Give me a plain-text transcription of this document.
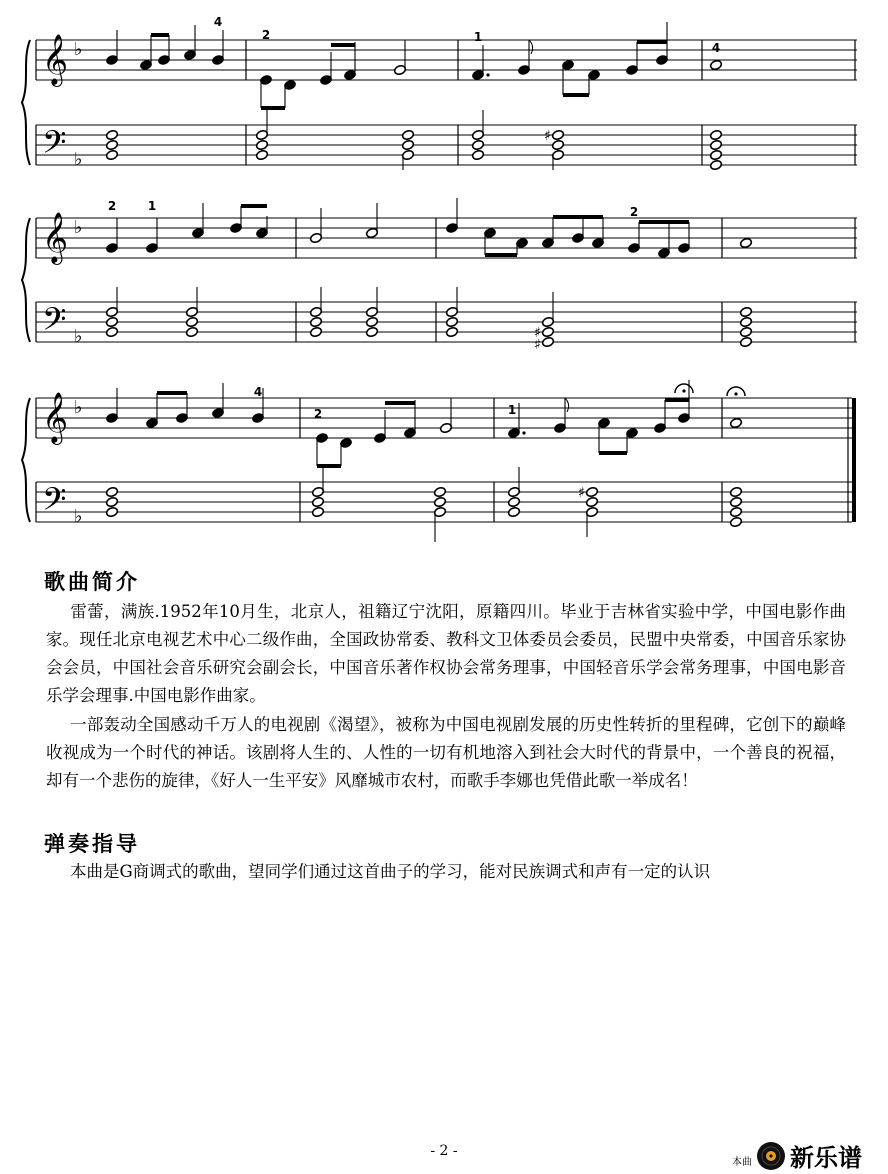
𝄞 ♭
𝄢 ♭
𝄞 ♭
𝄢 ♭
𝄞 ♭
𝄢 ♭
4
2	1
4
♯
2	1	2
♯
♯
4
2	1
♯
歌曲简介
雷蕾，满族.1952年10月生，北京人，祖籍辽宁沈阳，原籍四川。毕业于吉林省实验中学，中国电影作曲家。现任北京电视艺术中心二级作曲，全国政协常委、教科文卫体委员会委员，民盟中央常委，中国音乐家协会会员，中国社会音乐研究会副会长，中国音乐著作权协会常务理事，中国轻音乐学会常务理事，中国电影音乐学会理事.中国电影作曲家。
一部轰动全国感动千万人的电视剧《渴望》，被称为中国电视剧发展的历史性转折的里程碑，它创下的巅峰收视成为一个时代的神话。该剧将人生的、人性的一切有机地溶入到社会大时代的背景中，一个善良的祝福，却有一个悲伤的旋律，《好人一生平安》风靡城市农村，而歌手李娜也凭借此歌一举成名！
弹奏指导
本曲是G商调式的歌曲，望同学们通过这首曲子的学习，能对民族调式和声有一定的认识
- 2 -
本曲 新乐谱
